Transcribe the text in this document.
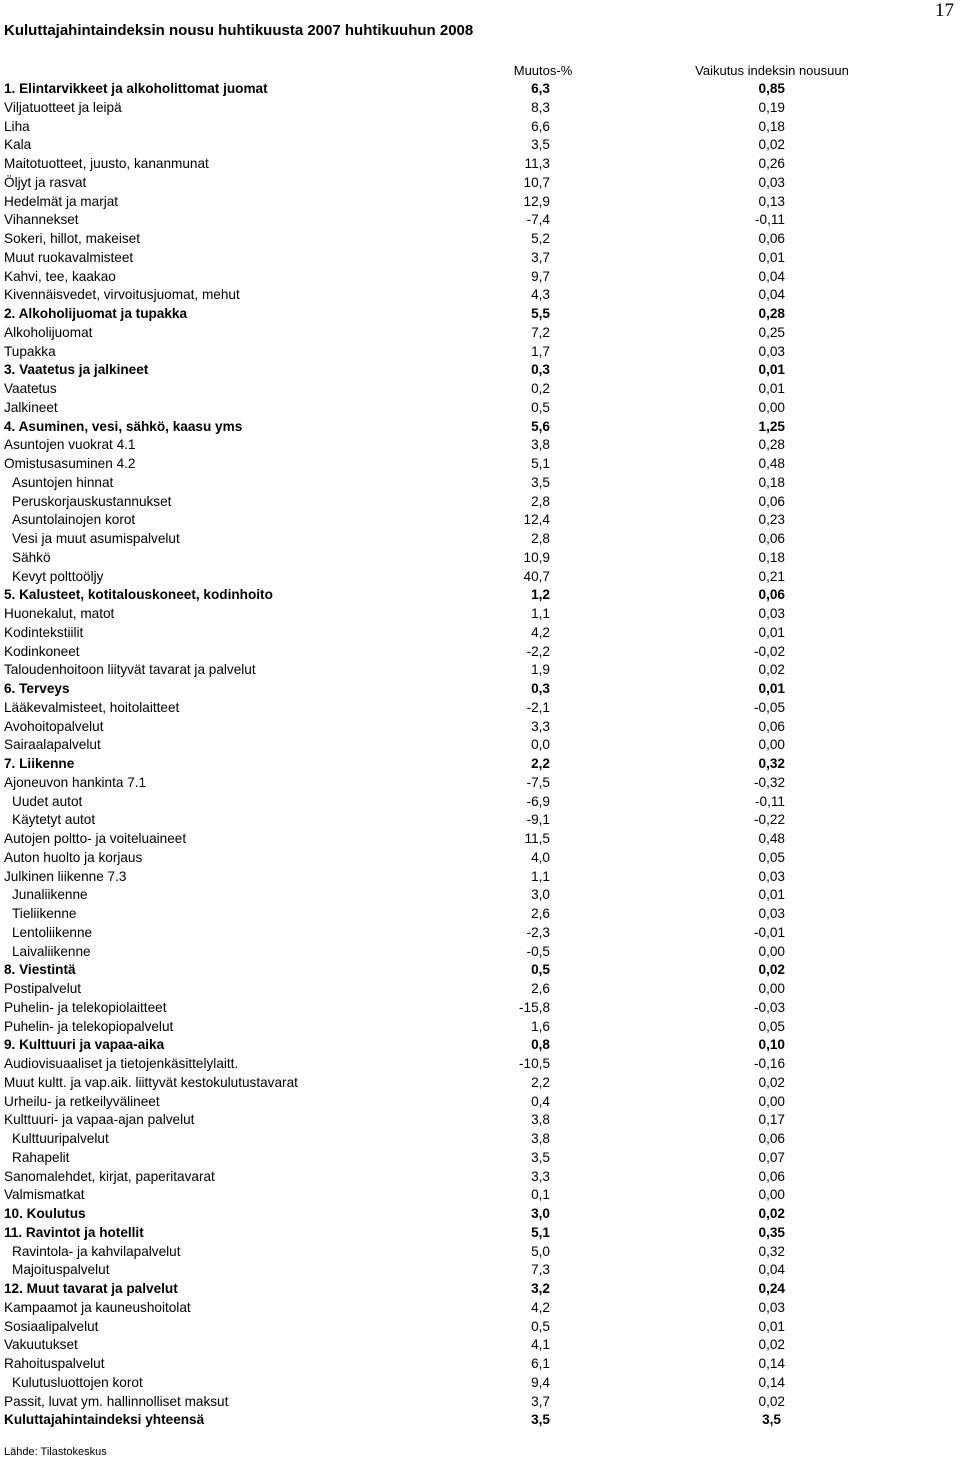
17
Kuluttajahintaindeksin nousu huhtikuusta 2007 huhtikuuhun 2008
Muutos-%	Vaikutus indeksin nousuun
1. Elintarvikkeet ja alkoholittomat juomat	6,3	0,85
Viljatuotteet ja leipä	8,3	0,19
Liha	6,6	0,18
Kala	3,5	0,02
Maitotuotteet, juusto, kananmunat	11,3	0,26
Öljyt ja rasvat	10,7	0,03
Hedelmät ja marjat	12,9	0,13
Vihannekset	-7,4	-0,11
Sokeri, hillot, makeiset	5,2	0,06
Muut ruokavalmisteet	3,7	0,01
Kahvi, tee, kaakao	9,7	0,04
Kivennäisvedet, virvoitusjuomat, mehut	4,3	0,04
2. Alkoholijuomat ja tupakka	5,5	0,28
Alkoholijuomat	7,2	0,25
Tupakka	1,7	0,03
3. Vaatetus ja jalkineet	0,3	0,01
Vaatetus	0,2	0,01
Jalkineet	0,5	0,00
4. Asuminen, vesi, sähkö, kaasu yms	5,6	1,25
Asuntojen vuokrat 4.1	3,8	0,28
Omistusasuminen 4.2	5,1	0,48
Asuntojen hinnat	3,5	0,18
Peruskorjauskustannukset	2,8	0,06
Asuntolainojen korot	12,4	0,23
Vesi ja muut asumispalvelut	2,8	0,06
Sähkö	10,9	0,18
Kevyt polttoöljy	40,7	0,21
5. Kalusteet, kotitalouskoneet, kodinhoito	1,2	0,06
Huonekalut, matot	1,1	0,03
Kodintekstiilit	4,2	0,01
Kodinkoneet	-2,2	-0,02
Taloudenhoitoon liityvät tavarat ja palvelut	1,9	0,02
6. Terveys	0,3	0,01
Lääkevalmisteet, hoitolaitteet	-2,1	-0,05
Avohoitopalvelut	3,3	0,06
Sairaalapalvelut	0,0	0,00
7. Liikenne	2,2	0,32
Ajoneuvon hankinta 7.1	-7,5	-0,32
Uudet autot	-6,9	-0,11
Käytetyt autot	-9,1	-0,22
Autojen poltto- ja voiteluaineet	11,5	0,48
Auton huolto ja korjaus	4,0	0,05
Julkinen liikenne 7.3	1,1	0,03
Junaliikenne	3,0	0,01
Tieliikenne	2,6	0,03
Lentoliikenne	-2,3	-0,01
Laivaliikenne	-0,5	0,00
8. Viestintä	0,5	0,02
Postipalvelut	2,6	0,00
Puhelin- ja telekopiolaitteet	-15,8	-0,03
Puhelin- ja telekopiopalvelut	1,6	0,05
9. Kulttuuri ja vapaa-aika	0,8	0,10
Audiovisuaaliset ja tietojenkäsittelylaitt.	-10,5	-0,16
Muut kultt. ja vap.aik. liittyvät kestokulutustavarat	2,2	0,02
Urheilu- ja retkeilyvälineet	0,4	0,00
Kulttuuri- ja vapaa-ajan palvelut	3,8	0,17
Kulttuuripalvelut	3,8	0,06
Rahapelit	3,5	0,07
Sanomalehdet, kirjat, paperitavarat	3,3	0,06
Valmismatkat	0,1	0,00
10. Koulutus	3,0	0,02
11. Ravintot ja hotellit	5,1	0,35
Ravintola- ja kahvilapalvelut	5,0	0,32
Majoituspalvelut	7,3	0,04
12. Muut tavarat ja palvelut	3,2	0,24
Kampaamot ja kauneushoitolat	4,2	0,03
Sosiaalipalvelut	0,5	0,01
Vakuutukset	4,1	0,02
Rahoituspalvelut	6,1	0,14
Kulutusluottojen korot	9,4	0,14
Passit, luvat ym. hallinnolliset maksut	3,7	0,02
Kuluttajahintaindeksi yhteensä	3,5	3,5
Lähde: Tilastokeskus
